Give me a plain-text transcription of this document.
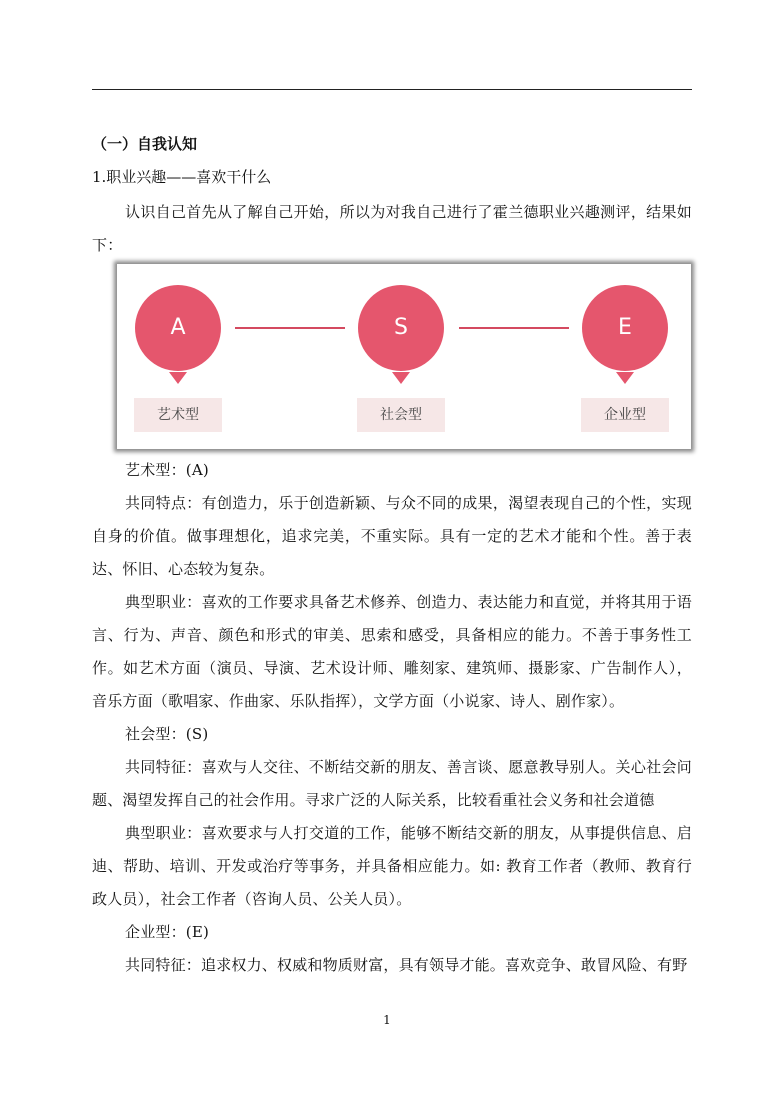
（一）自我认知
1.职业兴趣——喜欢干什么

认识自己首先从了解自己开始，所以为对我自己进行了霍兰德职业兴趣测评，结果如下：

A
艺术型
S
社会型
E
企业型

艺术型：(A)

共同特点：有创造力，乐于创造新颖、与众不同的成果，渴望表现自己的个性，实现自身的价值。做事理想化，追求完美，不重实际。具有一定的艺术才能和个性。善于表达、怀旧、心态较为复杂。

典型职业：喜欢的工作要求具备艺术修养、创造力、表达能力和直觉，并将其用于语言、行为、声音、颜色和形式的审美、思索和感受，具备相应的能力。不善于事务性工作。如艺术方面（演员、导演、艺术设计师、雕刻家、建筑师、摄影家、广告制作人），音乐方面（歌唱家、作曲家、乐队指挥），文学方面（小说家、诗人、剧作家）。

社会型：(S)

共同特征：喜欢与人交往、不断结交新的朋友、善言谈、愿意教导别人。关心社会问题、渴望发挥自己的社会作用。寻求广泛的人际关系，比较看重社会义务和社会道德

典型职业：喜欢要求与人打交道的工作，能够不断结交新的朋友，从事提供信息、启迪、帮助、培训、开发或治疗等事务，并具备相应能力。如: 教育工作者（教师、教育行政人员），社会工作者（咨询人员、公关人员）。

企业型：(E)

共同特征：追求权力、权威和物质财富，具有领导才能。喜欢竞争、敢冒风险、有野

1
